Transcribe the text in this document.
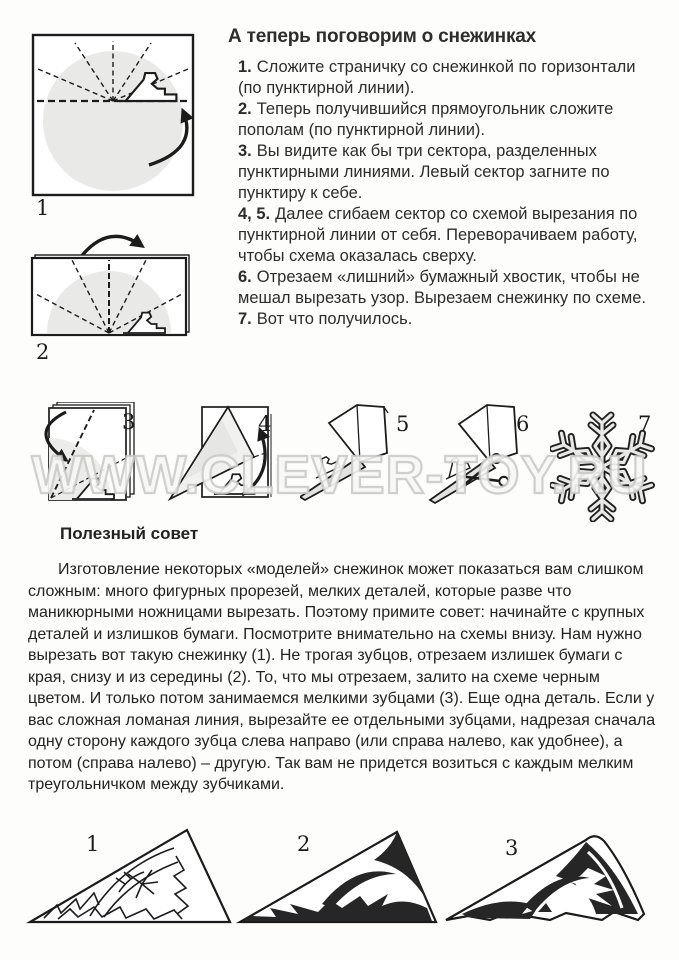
А теперь поговорим о снежинках

1. Сложите страничку со снежинкой по горизонтали (по пунктирной линии).

2. Теперь получившийся прямоугольник сложите пополам (по пунктирной линии).

3. Вы видите как бы три сектора, разделенных пунктирными линиями. Левый сектор загните по пунктиру к себе.

4, 5. Далее сгибаем сектор со схемой вырезания по пунктирной линии от себя. Переворачиваем работу, чтобы схема оказалась сверху.

6. Отрезаем «лишний» бумажный хвостик, чтобы не мешал вырезать узор. Вырезаем снежинку по схеме.

7. Вот что получилось.

1
2
3	4	5	6	7
WWW.CLEVER-TOY.RU
Полезный совет
Изготовление некоторых «моделей» снежинок может показаться вам слишком сложным: много фигурных прорезей, мелких деталей, которые разве что маникюрными ножницами вырезать. Поэтому примите совет: начинайте с крупных деталей и излишков бумаги. Посмотрите внимательно на схемы внизу. Нам нужно вырезать вот такую снежинку (1). Не трогая зубцов, отрезаем излишек бумаги с края, снизу и из середины (2). То, что мы отрезаем, залито на схеме черным цветом. И только потом занимаемся мелкими зубцами (3). Еще одна деталь. Если у вас сложная ломаная линия, вырезайте ее отдельными зубцами, надрезая сначала одну сторону каждого зубца слева направо (или справа налево, как удобнее), а потом (справа налево) – другую. Так вам не придется возиться с каждым мелким треугольничком между зубчиками.
1	2	3
